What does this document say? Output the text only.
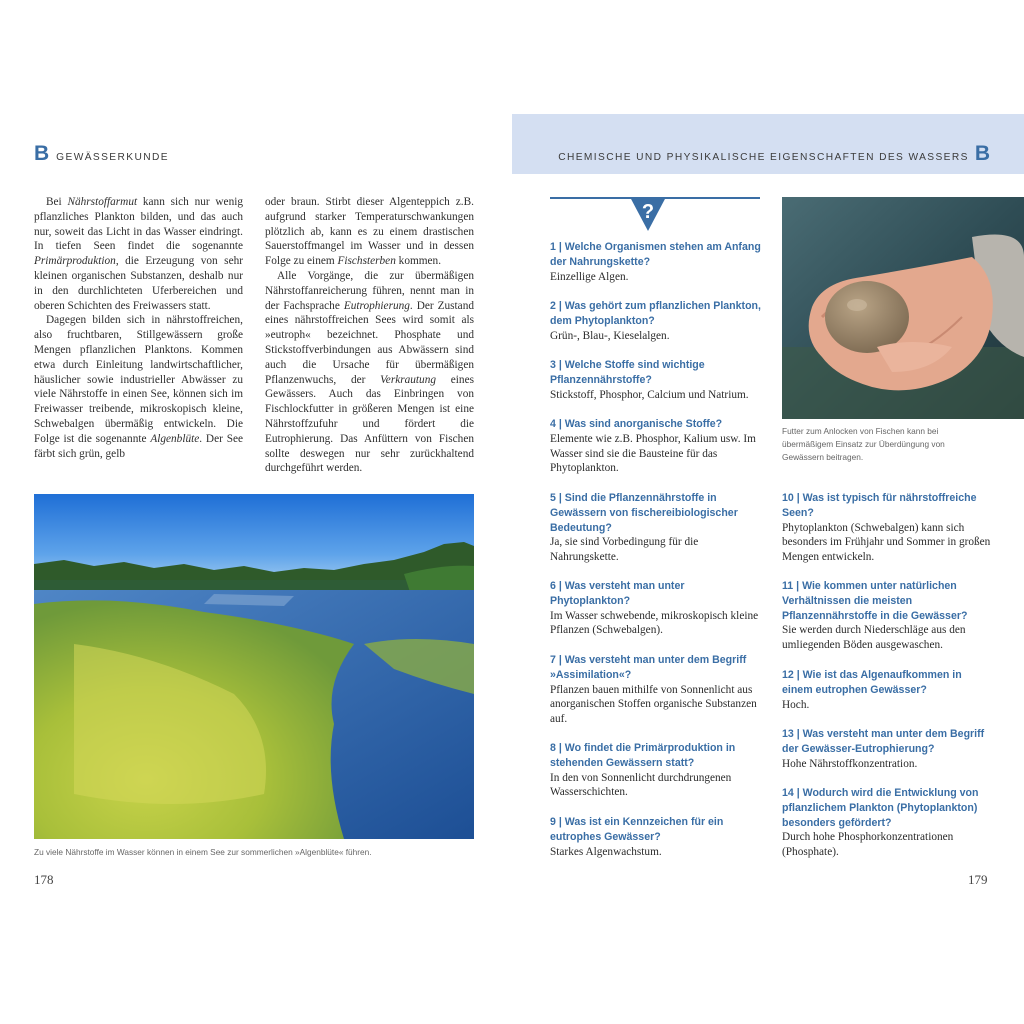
B GEWÄSSERKUNDE

Bei Nährstoffarmut kann sich nur wenig pflanzliches Plankton bilden, und das auch nur, soweit das Licht in das Wasser eindringt. In tiefen Seen findet die sogenannte Primärproduktion, die Erzeugung von sehr kleinen organischen Substanzen, deshalb nur in den durchlichteten Uferbereichen und oberen Schichten des Freiwassers statt.

Dagegen bilden sich in nährstoffreichen, also fruchtbaren, Stillgewässern große Mengen pflanzlichen Planktons. Kommen etwa durch Einleitung landwirtschaftlicher, häuslicher sowie industrieller Abwässer zu viele Nährstoffe in einen See, können sich im Freiwasser treibende, mikroskopisch kleine, Schwebalgen übermäßig entwickeln. Die Folge ist die sogenannte Algenblüte. Der See färbt sich grün, gelb

oder braun. Stirbt dieser Algenteppich z.B. aufgrund starker Temperaturschwankungen plötzlich ab, kann es zu einem drastischen Sauerstoffmangel im Wasser und in dessen Folge zu einem Fischsterben kommen.

Alle Vorgänge, die zur übermäßigen Nährstoffanreicherung führen, nennt man in der Fachsprache Eutrophierung. Der Zustand eines nährstoffreichen Sees wird somit als »eutroph« bezeichnet. Phosphate und Stickstoffverbindungen aus Abwässern sind auch die Ursache für übermäßigen Pflanzenwuchs, der Verkrautung eines Gewässers. Auch das Einbringen von Fischlockfutter in größeren Mengen ist eine Nährstoffzufuhr und fördert die Eutrophierung. Das Anfüttern von Fischen sollte deswegen nur sehr zurückhaltend durchgeführt werden.

Zu viele Nährstoffe im Wasser können in einem See zur sommerlichen »Algenblüte« führen.
178
CHEMISCHE UND PHYSIKALISCHE EIGENSCHAFTEN DES WASSERS B
?
1 | Welche Organismen stehen am Anfang der Nahrungskette?
Einzellige Algen.
2 | Was gehört zum pflanzlichen Plankton, dem Phytoplankton?
Grün-, Blau-, Kieselalgen.
3 | Welche Stoffe sind wichtige Pflanzennährstoffe?
Stickstoff, Phosphor, Calcium und Natrium.
4 | Was sind anorganische Stoffe?
Elemente wie z.B. Phosphor, Kalium usw. Im Wasser sind sie die Bausteine für das Phytoplankton.
5 | Sind die Pflanzennährstoffe in Gewässern von fischereibiologischer Bedeutung?
Ja, sie sind Vorbedingung für die Nahrungskette.
6 | Was versteht man unter Phytoplankton?
Im Wasser schwebende, mikroskopisch kleine Pflanzen (Schwebalgen).
7 | Was versteht man unter dem Begriff »Assimilation«?
Pflanzen bauen mithilfe von Sonnenlicht aus anorganischen Stoffen organische Substanzen auf.
8 | Wo findet die Primärproduktion in stehenden Gewässern statt?
In den von Sonnenlicht durchdrungenen Wasserschichten.
9 | Was ist ein Kennzeichen für ein eutrophes Gewässer?
Starkes Algenwachstum.
10 | Was ist typisch für nährstoffreiche Seen?
Phytoplankton (Schwebalgen) kann sich besonders im Frühjahr und Sommer in großen Mengen entwickeln.
11 | Wie kommen unter natürlichen Verhältnissen die meisten Pflanzennährstoffe in die Gewässer?
Sie werden durch Niederschläge aus den umliegenden Böden ausgewaschen.
12 | Wie ist das Algenaufkommen in einem eutrophen Gewässer?
Hoch.
13 | Was versteht man unter dem Begriff der Gewässer-Eutrophierung?
Hohe Nährstoffkonzentration.
14 | Wodurch wird die Entwicklung von pflanzlichem Plankton (Phytoplankton) besonders gefördert?
Durch hohe Phosphorkonzentrationen (Phosphate).
Futter zum Anlocken von Fischen kann bei übermäßigem Einsatz zur Überdüngung von Gewässern beitragen.
179
